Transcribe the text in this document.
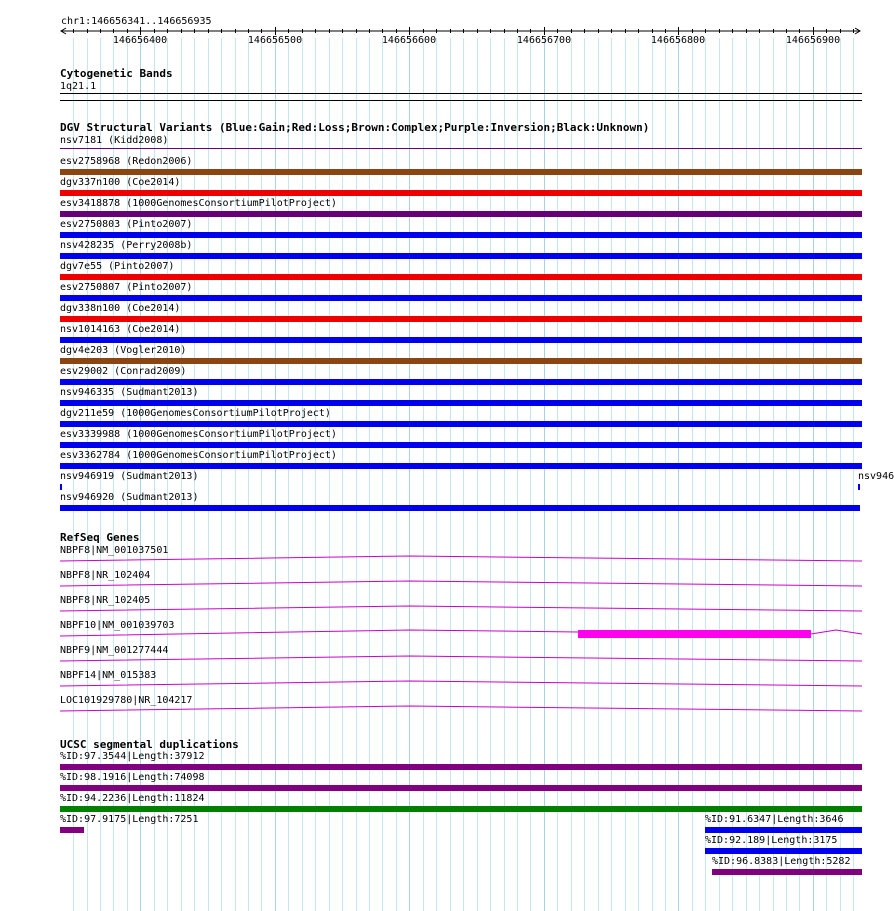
chr1:146656341..146656935
146656400	146656500	146656600	146656700	146656800	146656900
Cytogenetic Bands
1q21.1
DGV Structural Variants (Blue:Gain;Red:Loss;Brown:Complex;Purple:Inversion;Black:Unknown)
nsv7181 (Kidd2008)
esv2758968 (Redon2006)
dgv337n100 (Coe2014)
esv3418878 (1000GenomesConsortiumPilotProject)
esv2750803 (Pinto2007)
nsv428235 (Perry2008b)
dgv7e55 (Pinto2007)
esv2750807 (Pinto2007)
dgv338n100 (Coe2014)
nsv1014163 (Coe2014)
dgv4e203 (Vogler2010)
esv29002 (Conrad2009)
nsv946335 (Sudmant2013)
dgv211e59 (1000GenomesConsortiumPilotProject)
esv3339988 (1000GenomesConsortiumPilotProject)
esv3362784 (1000GenomesConsortiumPilotProject)
nsv946919 (Sudmant2013)	nsv946
nsv946920 (Sudmant2013)
RefSeq Genes
NBPF8|NM_001037501
NBPF8|NR_102404
NBPF8|NR_102405
NBPF10|NM_001039703
NBPF9|NM_001277444
NBPF14|NM_015383
LOC101929780|NR_104217
UCSC segmental duplications
%ID:97.3544|Length:37912
%ID:98.1916|Length:74098
%ID:94.2236|Length:11824
%ID:97.9175|Length:7251	%ID:91.6347|Length:3646
%ID:92.189|Length:3175
%ID:96.8383|Length:5282
